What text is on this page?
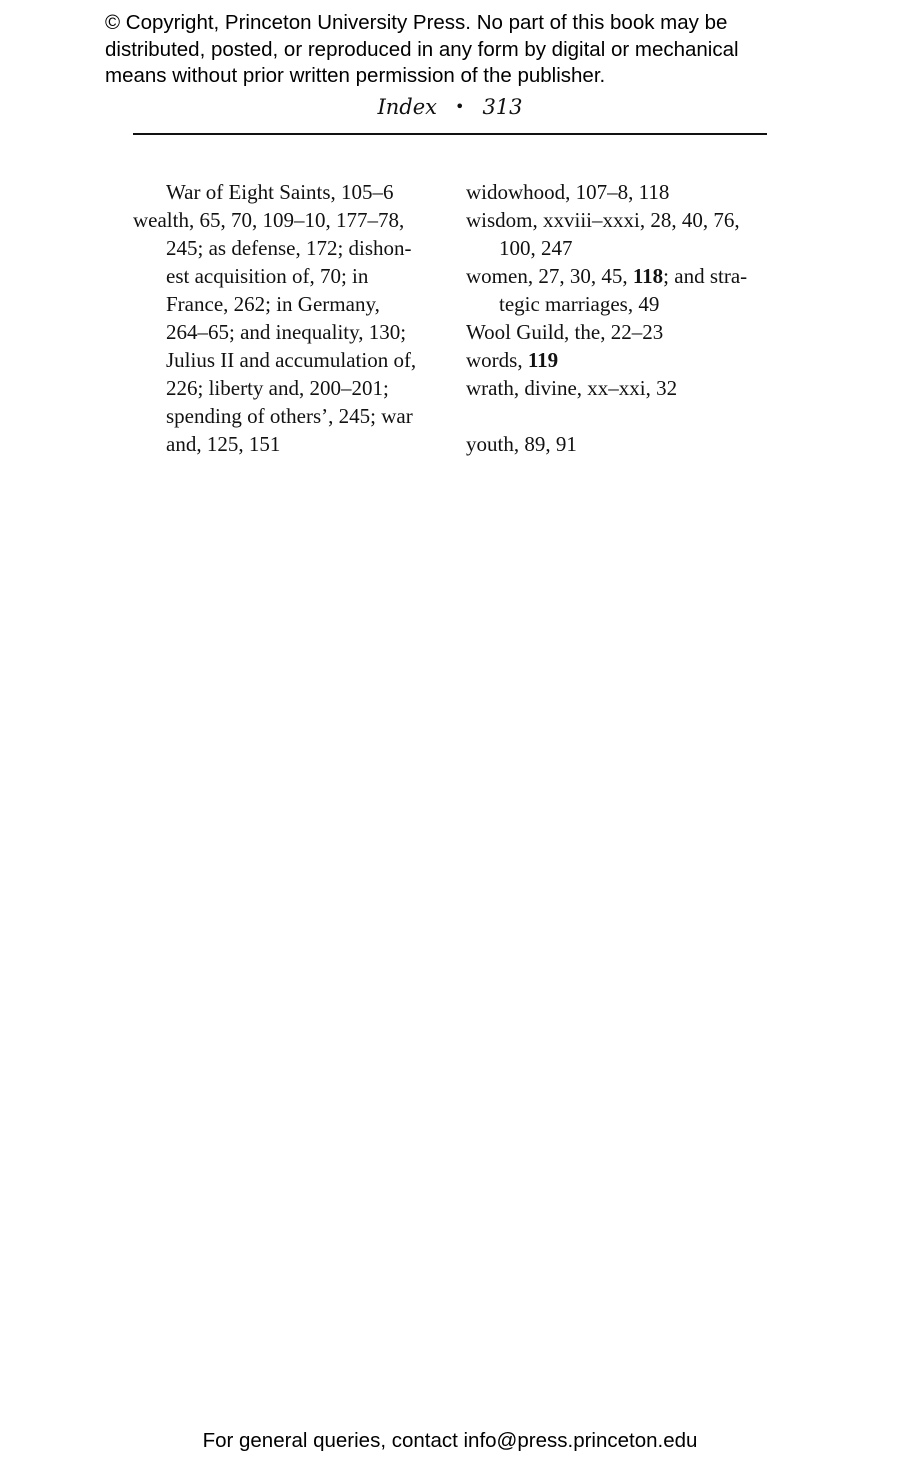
© Copyright, Princeton University Press. No part of this book may be
distributed, posted, or reproduced in any form by digital or mechanical
means without prior written permission of the publisher.
Index • 313
War of Eight Saints, 105–6
wealth, 65, 70, 109–10, 177–78,
245; as defense, 172; dishon-
est acquisition of, 70; in
France, 262; in Germany,
264–65; and inequality, 130;
Julius II and accumulation of,
226; liberty and, 200–201;
spending of others’, 245; war
and, 125, 151
widowhood, 107–8, 118
wisdom, xxviii–xxxi, 28, 40, 76,
100, 247
women, 27, 30, 45, 118; and stra-
tegic marriages, 49
Wool Guild, the, 22–23
words, 119
wrath, divine, xx–xxi, 32
youth, 89, 91
For general queries, contact info@press.princeton.edu
